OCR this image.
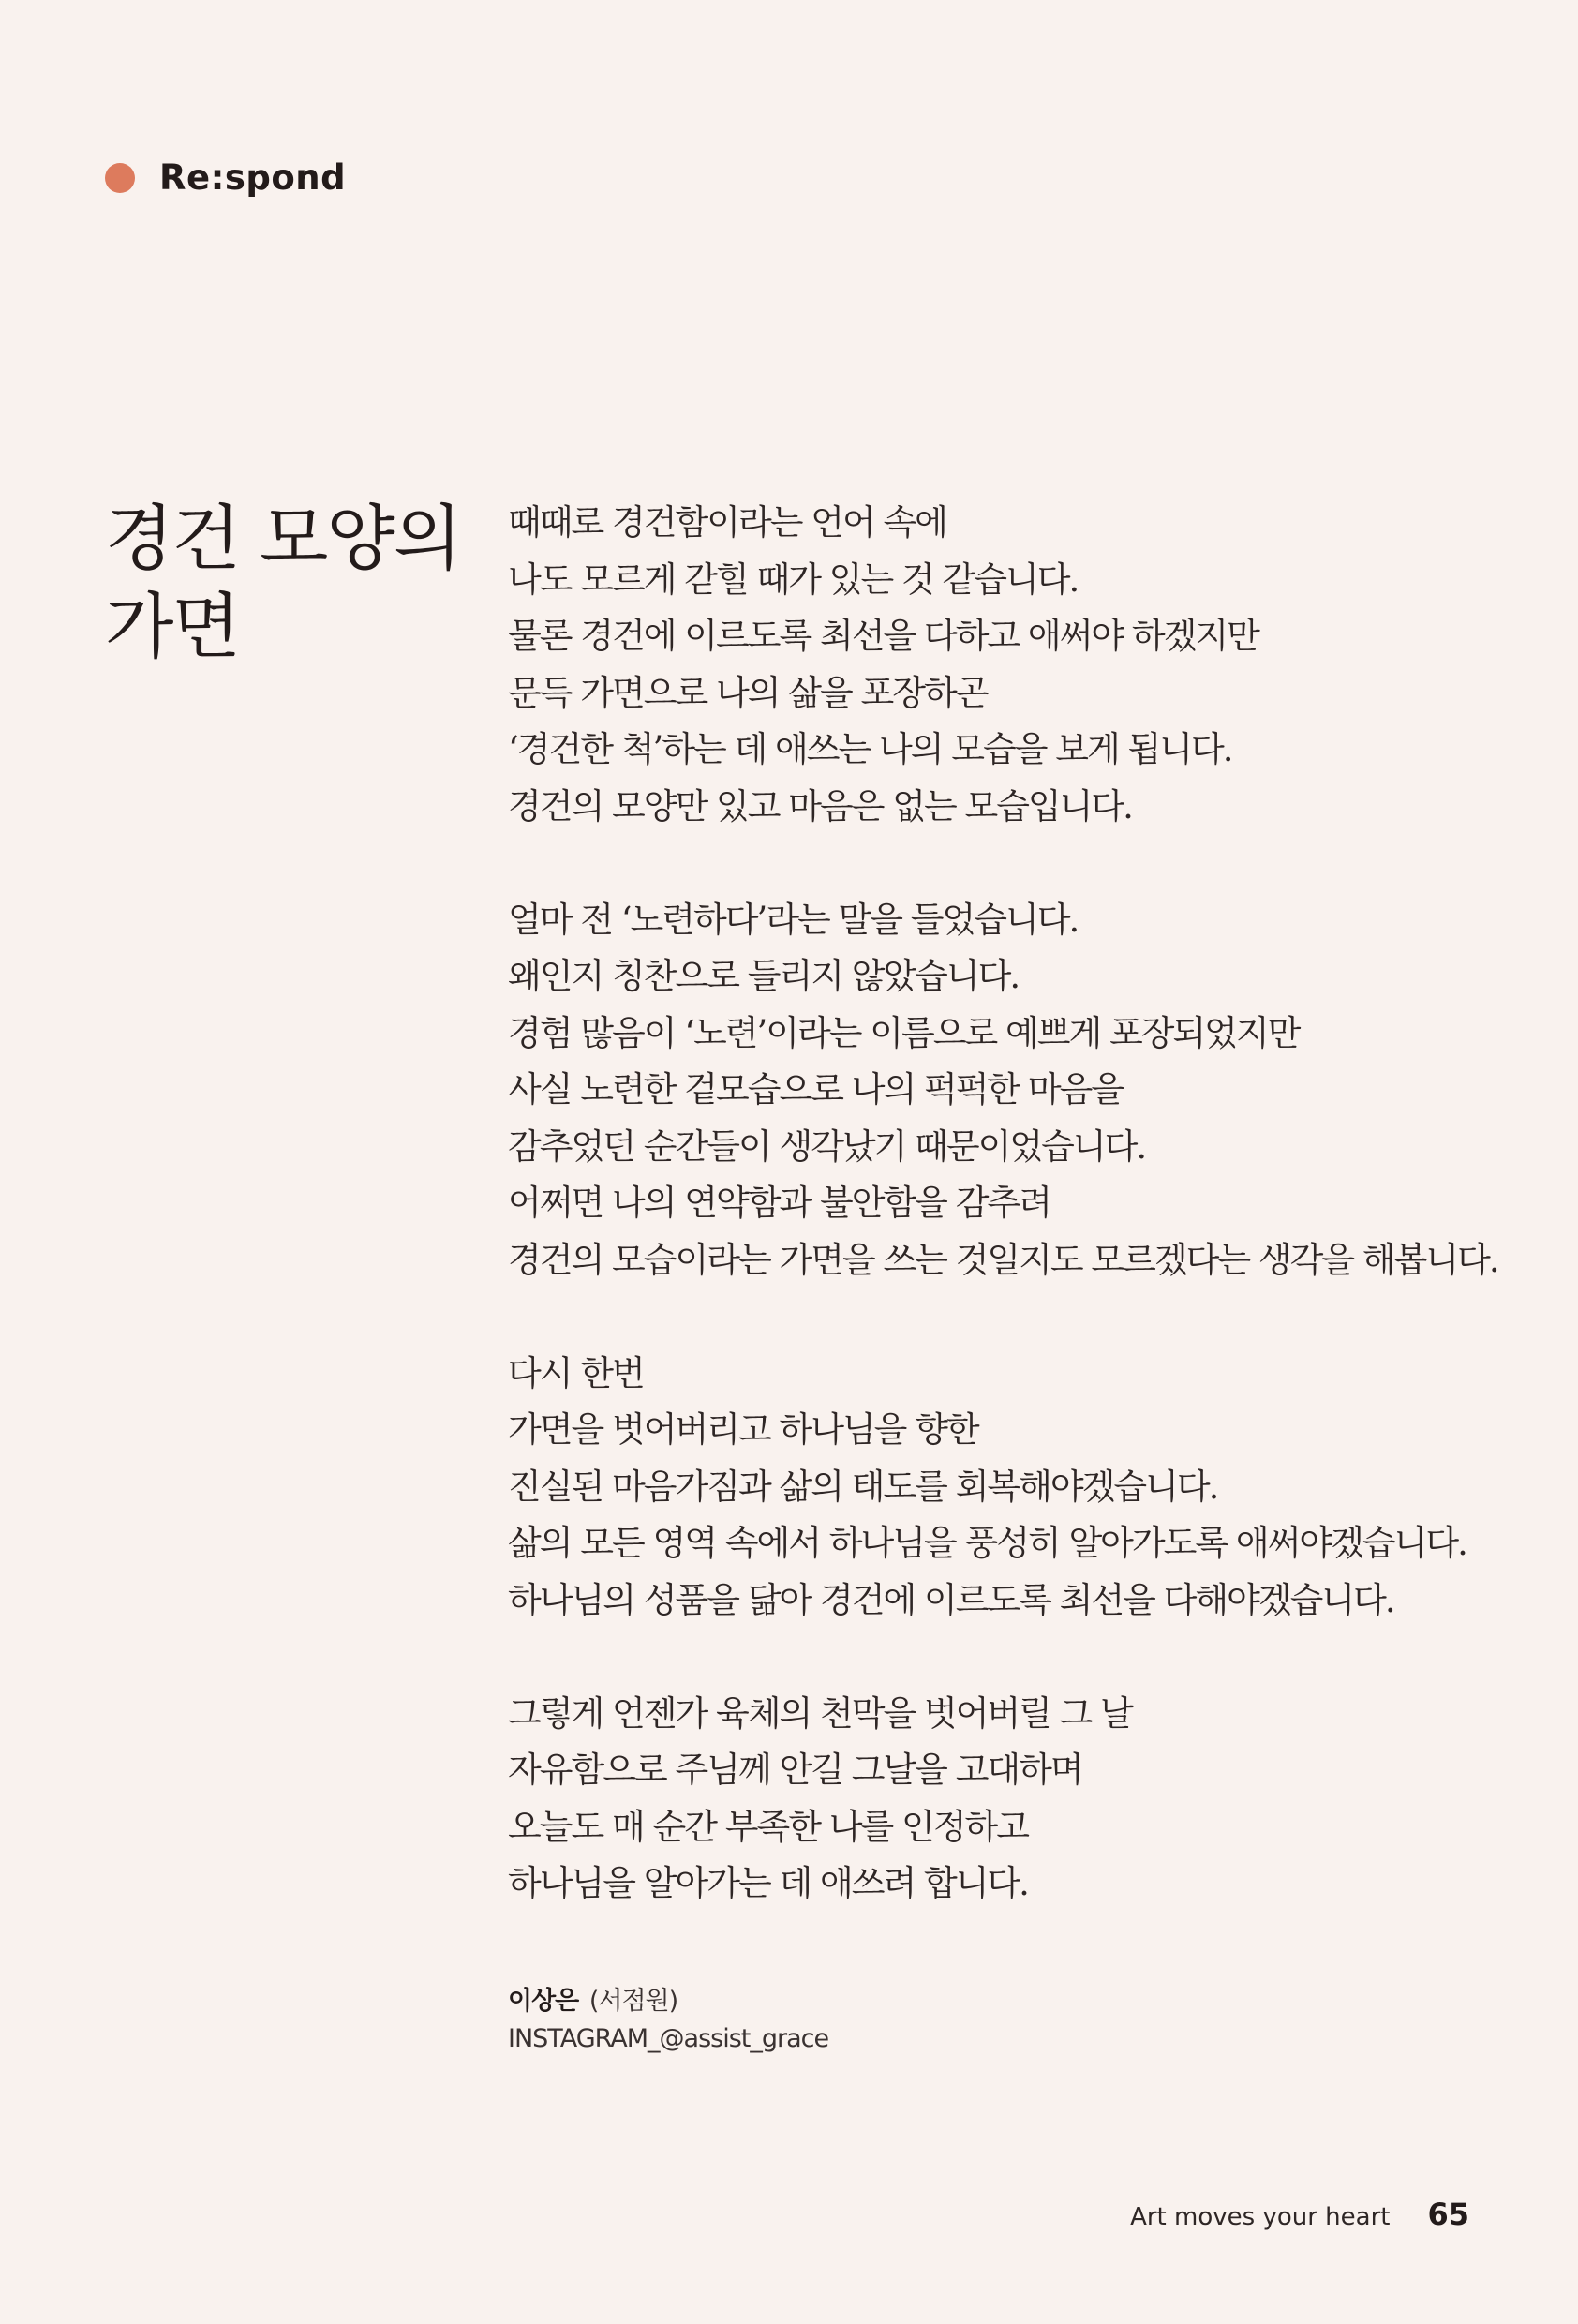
Re:spond
경건 모양의
가면
때때로 경건함이라는 언어 속에
나도 모르게 갇힐 때가 있는 것 같습니다.
물론 경건에 이르도록 최선을 다하고 애써야 하겠지만
문득 가면으로 나의 삶을 포장하곤
‘경건한 척’하는 데 애쓰는 나의 모습을 보게 됩니다.
경건의 모양만 있고 마음은 없는 모습입니다.
얼마 전 ‘노련하다’라는 말을 들었습니다.
왜인지 칭찬으로 들리지 않았습니다.
경험 많음이 ‘노련’이라는 이름으로 예쁘게 포장되었지만
사실 노련한 겉모습으로 나의 퍽퍽한 마음을
감추었던 순간들이 생각났기 때문이었습니다.
어쩌면 나의 연약함과 불안함을 감추려
경건의 모습이라는 가면을 쓰는 것일지도 모르겠다는 생각을 해봅니다.
다시 한번
가면을 벗어버리고 하나님을 향한
진실된 마음가짐과 삶의 태도를 회복해야겠습니다.
삶의 모든 영역 속에서 하나님을 풍성히 알아가도록 애써야겠습니다.
하나님의 성품을 닮아 경건에 이르도록 최선을 다해야겠습니다.
그렇게 언젠가 육체의 천막을 벗어버릴 그 날
자유함으로 주님께 안길 그날을 고대하며
오늘도 매 순간 부족한 나를 인정하고
하나님을 알아가는 데 애쓰려 합니다.
이상은 (서점원)
INSTAGRAM_@assist_grace
Art moves your heart 65
